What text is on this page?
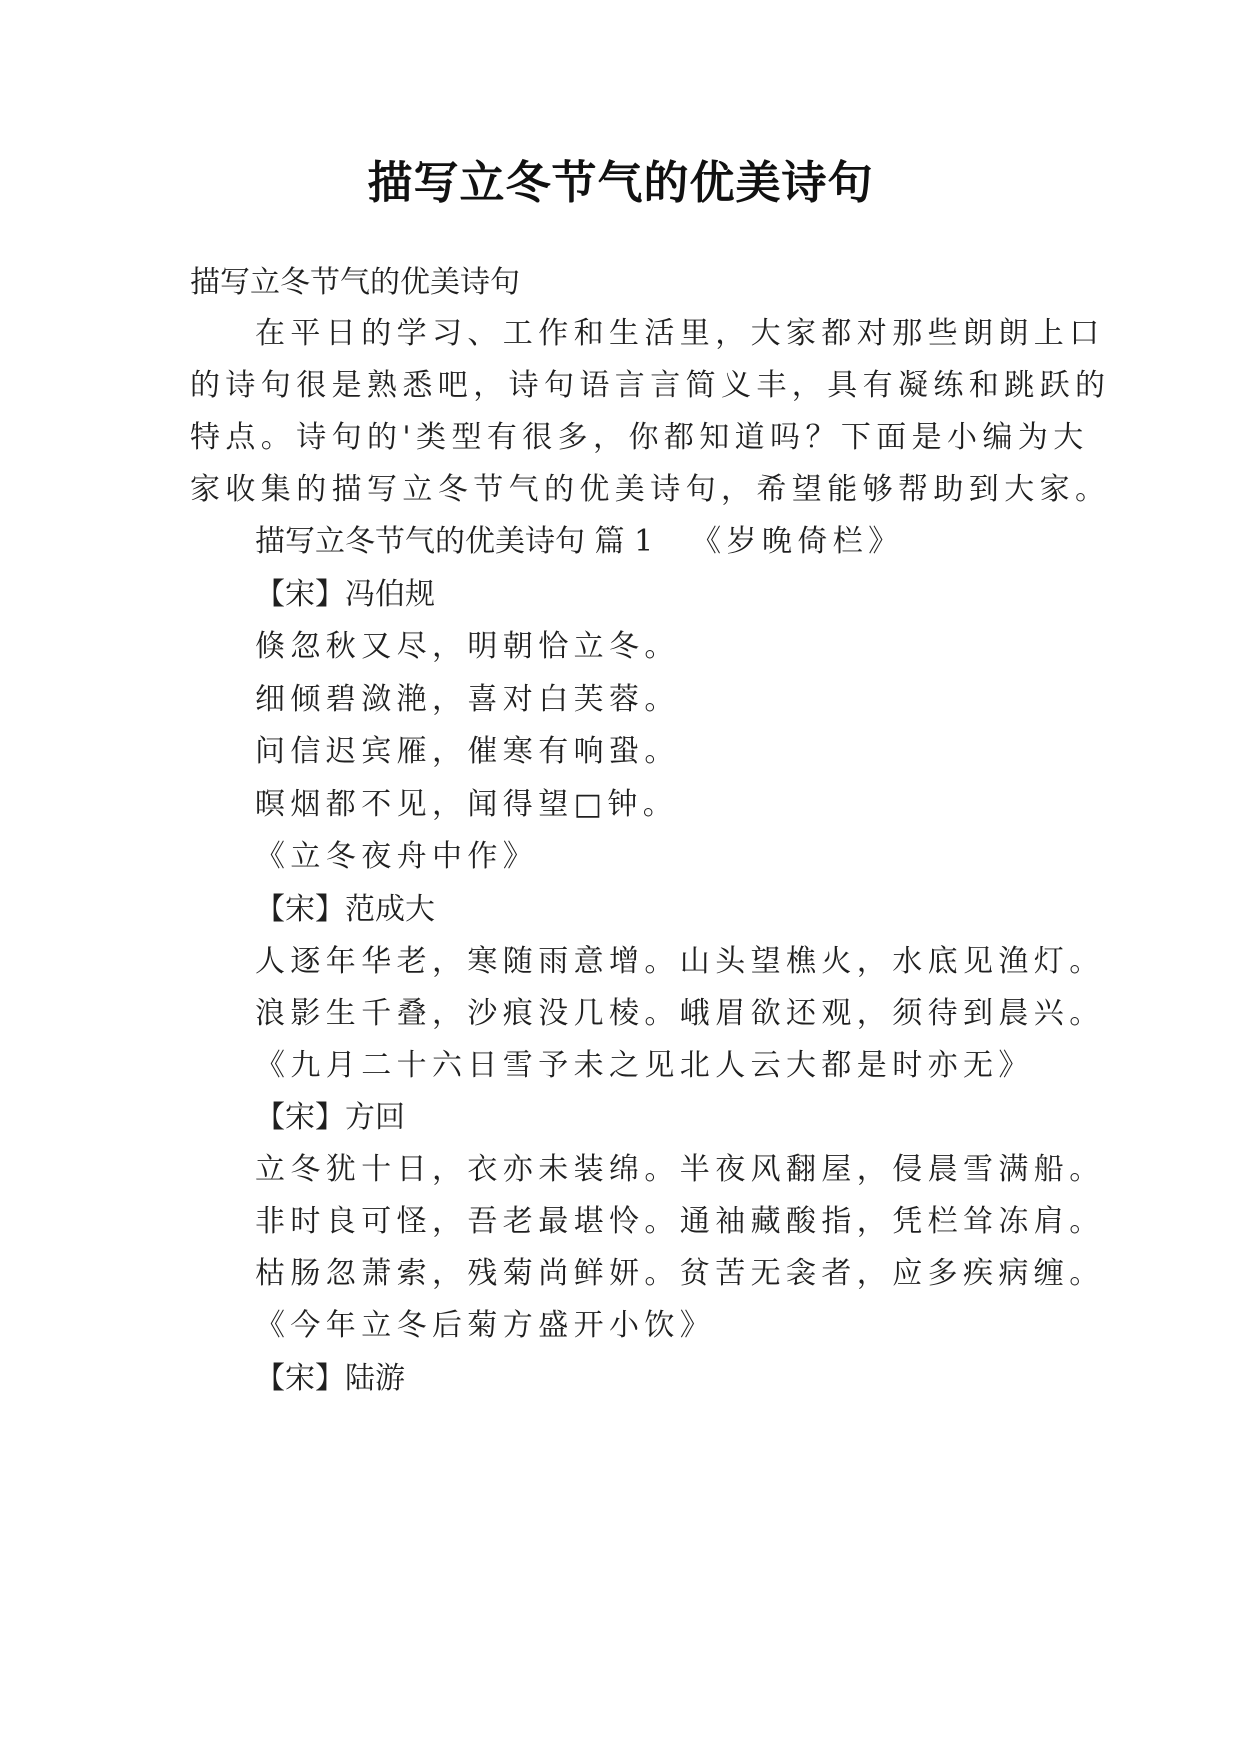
描写立冬节气的优美诗句
描写立冬节气的优美诗句
在平日的学习、工作和生活里，大家都对那些朗朗上口
的诗句很是熟悉吧，诗句语言言简义丰，具有凝练和跳跃的
特点。诗句的'类型有很多，你都知道吗？下面是小编为大
家收集的描写立冬节气的优美诗句，希望能够帮助到大家。
描写立冬节气的优美诗句 篇 1 《岁晚倚栏》
【宋】冯伯规
倏忽秋又尽，明朝恰立冬。
细倾碧潋滟，喜对白芙蓉。
问信迟宾雁，催寒有响蛩。
暝烟都不见，闻得望□钟。
《立冬夜舟中作》
【宋】范成大
人逐年华老，寒随雨意增。山头望樵火，水底见渔灯。
浪影生千叠，沙痕没几棱。峨眉欲还观，须待到晨兴。
《九月二十六日雪予未之见北人云大都是时亦无》
【宋】方回
立冬犹十日，衣亦未装绵。半夜风翻屋，侵晨雪满船。
非时良可怪，吾老最堪怜。通袖藏酸指，凭栏耸冻肩。
枯肠忽萧索，残菊尚鲜妍。贫苦无衾者，应多疾病缠。
《今年立冬后菊方盛开小饮》
【宋】陆游
